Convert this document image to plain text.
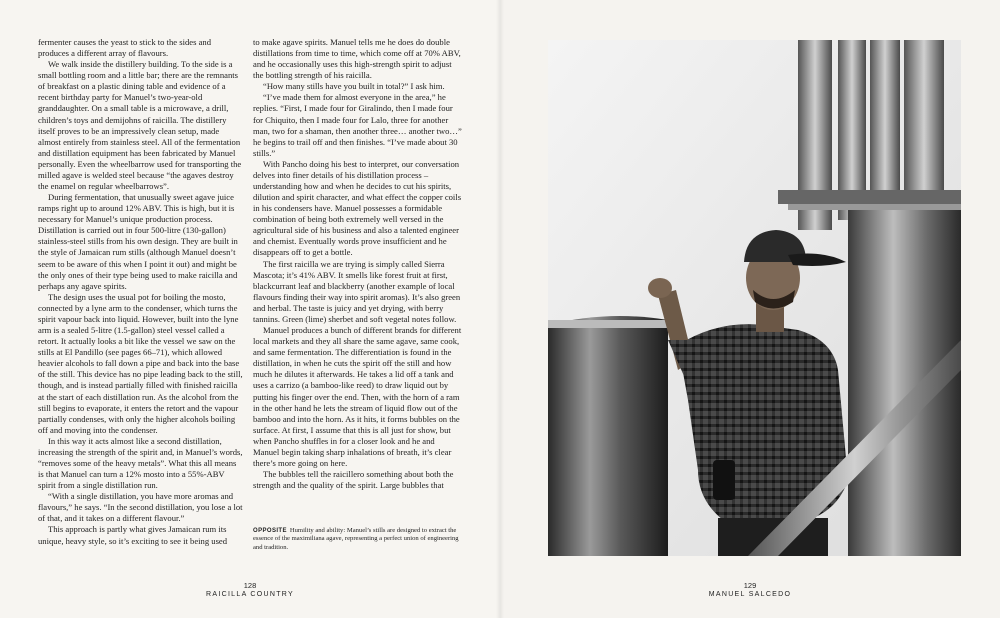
fermenter causes the yeast to stick to the sides and produces a different array of flavours.

We walk inside the distillery building. To the side is a small bottling room and a little bar; there are the remnants of breakfast on a plastic dining table and evidence of a recent birthday party for Manuel’s two-year-old granddaughter. On a small table is a microwave, a drill, children’s toys and demijohns of raicilla. The distillery itself proves to be an impressively clean setup, made almost entirely from stainless steel. All of the fermentation and distillation equipment has been fabricated by Manuel personally. Even the wheelbarrow used for transporting the milled agave is welded steel because “the agaves destroy the enamel on regular wheelbarrows”.

During fermentation, that unusually sweet agave juice ramps right up to around 12% ABV. This is high, but it is necessary for Manuel’s unique production process. Distillation is carried out in four 500-litre (130-gallon) stainless-steel stills from his own design. They are built in the style of Jamaican rum stills (although Manuel doesn’t seem to be aware of this when I point it out) and might be the only ones of their type being used to make raicilla and perhaps any agave spirits.

The design uses the usual pot for boiling the mosto, connected by a lyne arm to the condenser, which turns the spirit vapour back into liquid. However, built into the lyne arm is a sealed 5-litre (1.5-gallon) steel vessel called a retort. It actually looks a bit like the vessel we saw on the stills at El Pandillo (see pages 66–71), which allowed heavier alcohols to fall down a pipe and back into the base of the still. This device has no pipe leading back to the still, though, and is instead partially filled with finished raicilla at the start of each distillation run. As the alcohol from the still begins to evaporate, it enters the retort and the vapour partially condenses, with only the higher alcohols boiling off and moving into the condenser.

In this way it acts almost like a second distillation, increasing the strength of the spirit and, in Manuel’s words, “removes some of the heavy metals”. What this all means is that Manuel can turn a 12% mosto into a 55%-ABV spirit from a single distillation run.

“With a single distillation, you have more aromas and flavours,” he says. “In the second distillation, you lose a lot of that, and it takes on a different flavour.”

This approach is partly what gives Jamaican rum its unique, heavy style, so it’s exciting to see it being used

to make agave spirits. Manuel tells me he does do double distillations from time to time, which come off at 70% ABV, and he occasionally uses this high-strength spirit to adjust the bottling strength of his raicilla.

“How many stills have you built in total?” I ask him.

“I’ve made them for almost everyone in the area,” he replies. “First, I made four for Giralindo, then I made four for Chiquito, then I made four for Lalo, three for another man, two for a shaman, then another three… another two…” he begins to trail off and then finishes. “I’ve made about 30 stills.”

With Pancho doing his best to interpret, our conversation delves into finer details of his distillation process – understanding how and when he decides to cut his spirits, dilution and spirit character, and what effect the copper coils in his condensers have. Manuel possesses a formidable combination of being both extremely well versed in the agricultural side of his business and also a talented engineer and chemist. Eventually words prove insufficient and he disappears off to get a bottle.

The first raicilla we are trying is simply called Sierra Mascota; it’s 41% ABV. It smells like forest fruit at first, blackcurrant leaf and blackberry (another example of local flavours finding their way into spirit aromas). It’s also green and herbal. The taste is juicy and yet drying, with berry tannins. Green (lime) sherbet and soft vegetal notes follow.

Manuel produces a bunch of different brands for different local markets and they all share the same agave, same cook, and same fermentation. The differentiation is found in the distillation, in when he cuts the spirit off the still and how much he dilutes it afterwards. He takes a lid off a tank and uses a carrizo (a bamboo-like reed) to draw liquid out by putting his finger over the end. Then, with the horn of a ram in the other hand he lets the stream of liquid flow out of the bamboo and into the horn. As it hits, it forms bubbles on the surface. At first, I assume that this is all just for show, but when Pancho shuffles in for a closer look and he and Manuel begin taking sharp inhalations of breath, it’s clear there’s more going on here.

The bubbles tell the raicillero something about both the strength and the quality of the spirit. Large bubbles that

OPPOSITE Humility and ability: Manuel’s stills are designed to extract the essence of the maximiliana agave, representing a perfect union of engineering and tradition.
128
RAICILLA COUNTRY
129
MANUEL SALCEDO
